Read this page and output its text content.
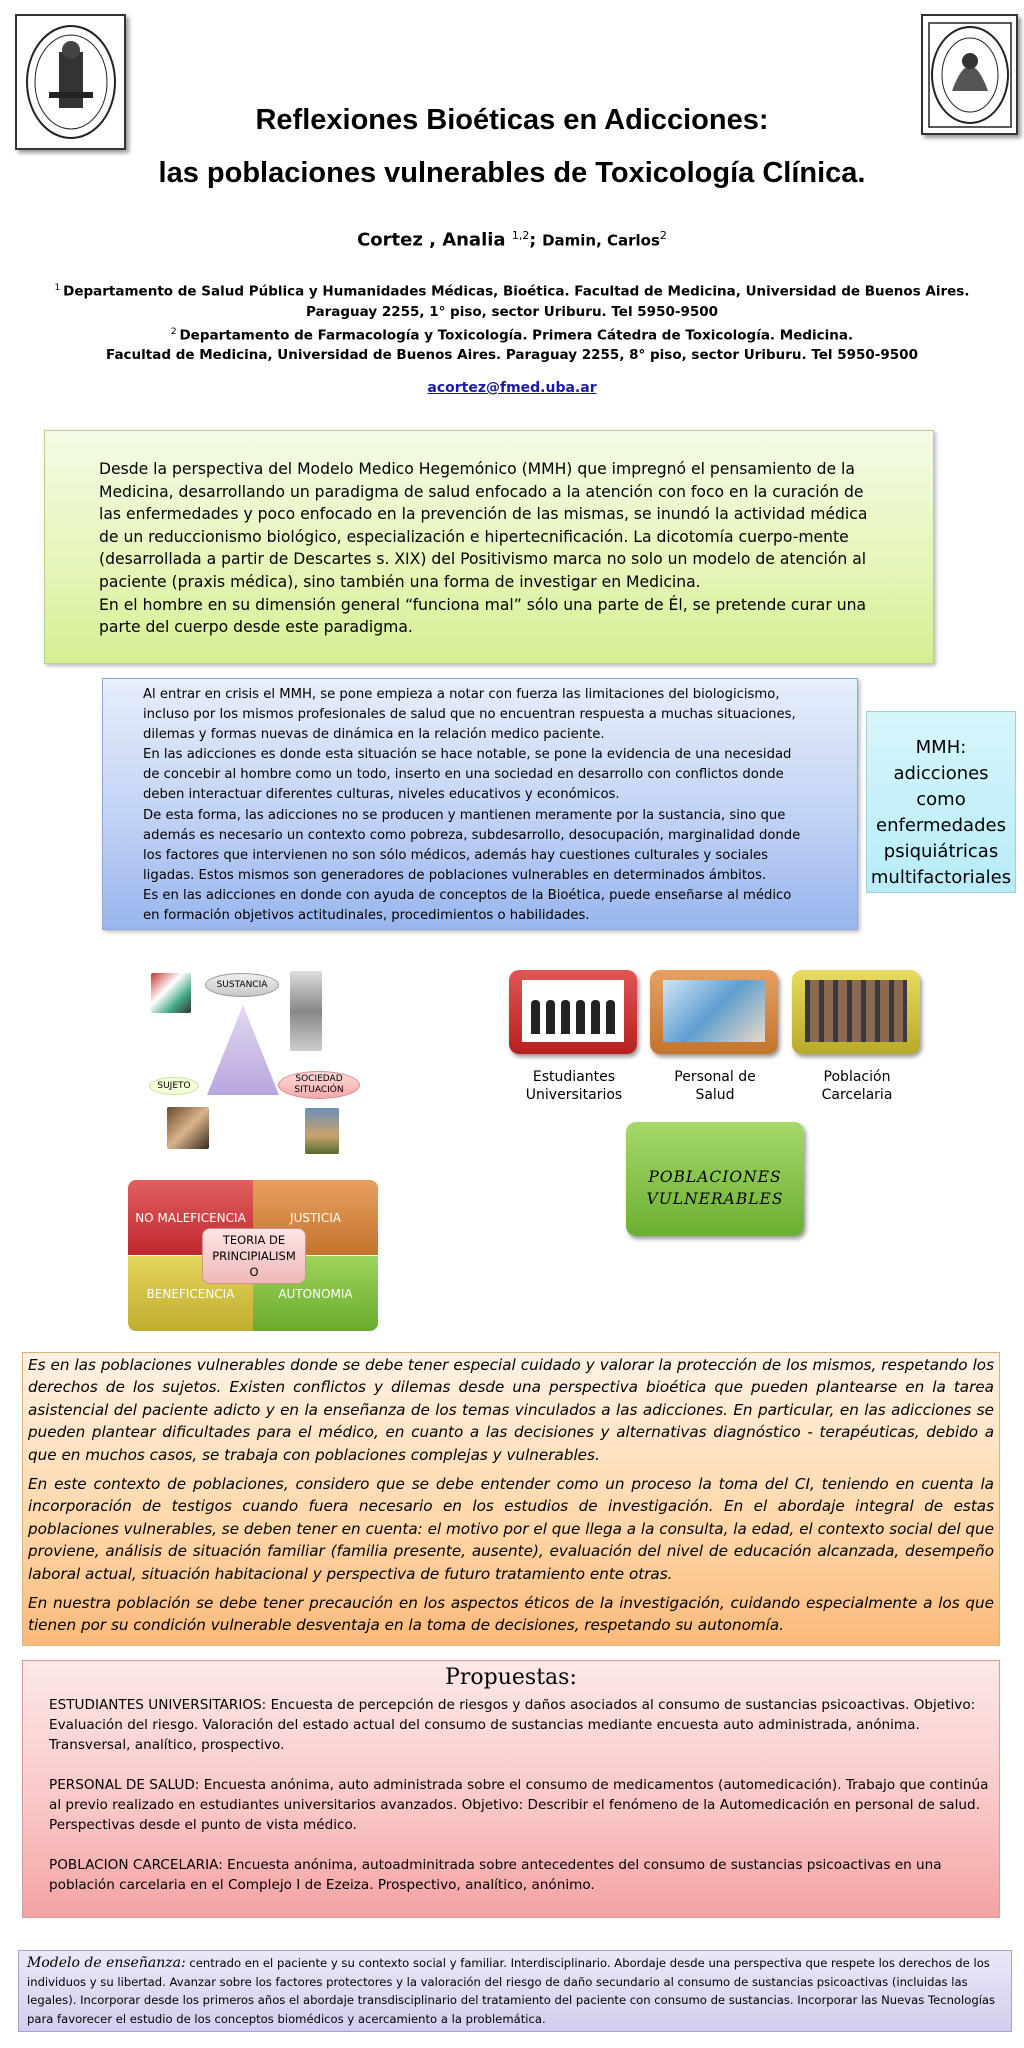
Reflexiones Bioéticas en Adicciones:
las poblaciones vulnerables de Toxicología Clínica.
Cortez , Analia $^{1,2}$; Damin, Carlos$^2$
$^1$ Departamento de Salud Pública y Humanidades Médicas, Bioética. Facultad de Medicina, Universidad de Buenos Aires. Paraguay 2255, 1° piso, sector Uriburu. Tel 5950-9500
$^2$ Departamento de Farmacología y Toxicología. Primera Cátedra de Toxicología. Medicina.
Facultad de Medicina, Universidad de Buenos Aires. Paraguay 2255, 8° piso, sector Uriburu. Tel 5950-9500
acortez@fmed.uba.ar

Desde la perspectiva del Modelo Medico Hegemónico (MMH) que impregnó el pensamiento de la
Medicina, desarrollando un paradigma de salud enfocado a la atención con foco en la curación de
las enfermedades y poco enfocado en la prevención de las mismas, se inundó la actividad médica
de un reduccionismo biológico, especialización e hipertecnificación. La dicotomía cuerpo-mente
(desarrollada a partir de Descartes s. XIX) del Positivismo marca no solo un modelo de atención al
paciente (praxis médica), sino también una forma de investigar en Medicina.
En el hombre en su dimensión general “funciona mal” sólo una parte de Él, se pretende curar una
parte del cuerpo desde este paradigma.

Al entrar en crisis el MMH, se pone empieza a notar con fuerza las limitaciones del biologicismo,
incluso por los mismos profesionales de salud que no encuentran respuesta a muchas situaciones,
dilemas y formas nuevas de dinámica en la relación medico paciente.
En las adicciones es donde esta situación se hace notable, se pone la evidencia de una necesidad
de concebir al hombre como un todo, inserto en una sociedad en desarrollo con conflictos donde
deben interactuar diferentes culturas, niveles educativos y económicos.
De esta forma, las adicciones no se producen y mantienen meramente por la sustancia, sino que
además es necesario un contexto como pobreza, subdesarrollo, desocupación, marginalidad donde
los factores que intervienen no son sólo médicos, además hay cuestiones culturales y sociales
ligadas. Estos mismos son generadores de poblaciones vulnerables en determinados ámbitos.
Es en las adicciones en donde con ayuda de conceptos de la Bioética, puede enseñarse al médico
en formación objetivos actitudinales, procedimientos o habilidades.

MMH:
adicciones
como
enfermedades
psiquiátricas
multifactoriales
SUSTANCIA
SUJETO
SOCIEDAD
SITUACIÓN
NO MALEFICENCIA	JUSTICIA
BENEFICENCIA	AUTONOMIA
TEORIA DE
PRINCIPIALISM
O
Estudiantes
Universitarios
Personal de
Salud
Población
Carcelaria
POBLACIONES
VULNERABLES

Es en las poblaciones vulnerables donde se debe tener especial cuidado y valorar la protección de los mismos, respetando los derechos de los sujetos. Existen conflictos y dilemas desde una perspectiva bioética que pueden plantearse en la tarea asistencial del paciente adicto y en la enseñanza de los temas vinculados a las adicciones. En particular, en las adicciones se pueden plantear dificultades para el médico, en cuanto a las decisiones y alternativas diagnóstico - terapéuticas, debido a que en muchos casos, se trabaja con poblaciones complejas y vulnerables.

En este contexto de poblaciones, considero que se debe entender como un proceso la toma del CI, teniendo en cuenta la incorporación de testigos cuando fuera necesario en los estudios de investigación. En el abordaje integral de estas poblaciones vulnerables, se deben tener en cuenta: el motivo por el que llega a la consulta, la edad, el contexto social del que proviene, análisis de situación familiar (familia presente, ausente), evaluación del nivel de educación alcanzada, desempeño laboral actual, situación habitacional y perspectiva de futuro tratamiento ente otras.

En nuestra población se debe tener precaución en los aspectos éticos de la investigación, cuidando especialmente a los que tienen por su condición vulnerable desventaja en la toma de decisiones, respetando su autonomía.

Propuestas:

ESTUDIANTES UNIVERSITARIOS: Encuesta de percepción de riesgos y daños asociados al consumo de sustancias psicoactivas. Objetivo: Evaluación del riesgo. Valoración del estado actual del consumo de sustancias mediante encuesta auto administrada, anónima. Transversal, analítico, prospectivo.

PERSONAL DE SALUD: Encuesta anónima, auto administrada sobre el consumo de medicamentos (automedicación). Trabajo que continúa al previo realizado en estudiantes universitarios avanzados. Objetivo: Describir el fenómeno de la Automedicación en personal de salud. Perspectivas desde el punto de vista médico.

POBLACION CARCELARIA: Encuesta anónima, autoadminitrada sobre antecedentes del consumo de sustancias psicoactivas en una población carcelaria en el Complejo I de Ezeiza. Prospectivo, analítico, anónimo.

Modelo de enseñanza: centrado en el paciente y su contexto social y familiar. Interdisciplinario. Abordaje desde una perspectiva que respete los derechos de los individuos y su libertad. Avanzar sobre los factores protectores y la valoración del riesgo de daño secundario al consumo de sustancias psicoactivas (incluidas las legales). Incorporar desde los primeros años el abordaje transdisciplinario del tratamiento del paciente con consumo de sustancias. Incorporar las Nuevas Tecnologías para favorecer el estudio de los conceptos biomédicos y acercamiento a la problemática.
